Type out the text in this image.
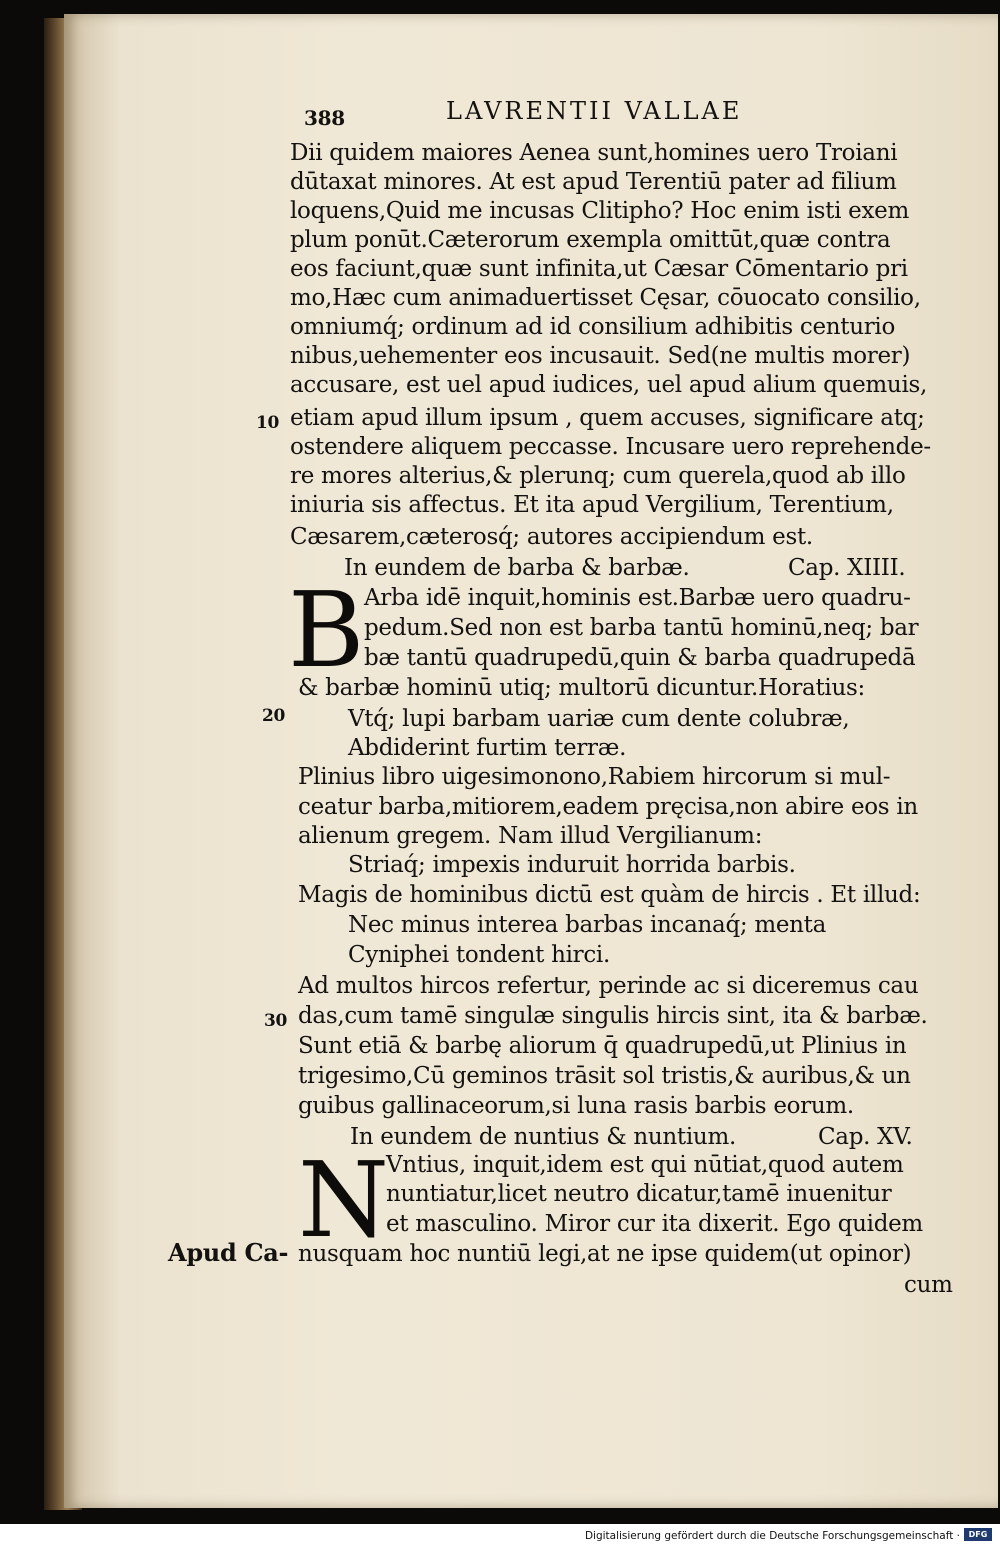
388	LAVRENTII VALLAE
Dii quidem maiores Aenea sunt,homines uero Troiani
dūtaxat minores. At est apud Terentiū pater ad filium
loquens,Quid me incusas Clitipho? Hoc enim isti exem
plum ponūt.Cæterorum exempla omittūt,quæ contra
eos faciunt,quæ sunt infinita,ut Cæsar Cōmentario pri
mo,Hæc cum animaduertisset Cęsar, cōuocato consilio,
omniumq́; ordinum ad id consilium adhibitis centurio
nibus,uehementer eos incusauit. Sed(ne multis morer)
accusare, est uel apud iudices, uel apud alium quemuis,
etiam apud illum ipsum , quem accuses, significare atq;
ostendere aliquem peccasse. Incusare uero reprehende-
re mores alterius,& plerunq; cum querela,quod ab illo
iniuria sis affectus. Et ita apud Vergilium, Terentium,
Cæsarem,cæterosq́; autores accipiendum est.
In eundem de barba & barbæ.	Cap. XIIII.
B Arba idē inquit,hominis est.Barbæ uero quadru-
pedum.Sed non est barba tantū hominū,neq; bar
bæ tantū quadrupedū,quin & barba quadrupedā
& barbæ hominū utiq; multorū dicuntur.Horatius:
Vtq́; lupi barbam uariæ cum dente colubræ,
Abdiderint furtim terræ.
Plinius libro uigesimonono,Rabiem hircorum si mul-
ceatur barba,mitiorem,eadem pręcisa,non abire eos in
alienum gregem. Nam illud Vergilianum:
Striaq́; impexis induruit horrida barbis.
Magis de hominibus dictū est quàm de hircis . Et illud:
Nec minus interea barbas incanaq́; menta
Cyniphei tondent hirci.
Ad multos hircos refertur, perinde ac si diceremus cau
das,cum tamē singulæ singulis hircis sint, ita & barbæ.
Sunt etiā & barbę aliorum q̄ quadrupedū,ut Plinius in
trigesimo,Cū geminos trāsit sol tristis,& auribus,& un
guibus gallinaceorum,si luna rasis barbis eorum.
In eundem de nuntius & nuntium.	Cap. XV.
N
Vntius, inquit,idem est qui nūtiat,quod autem
nuntiatur,licet neutro dicatur,tamē inuenitur
et masculino. Miror cur ita dixerit. Ego quidem
nusquam hoc nuntiū legi,at ne ipse quidem(ut opinor)
cum
10
20
30
Apud Ca-
Digitalisierung gefördert durch die Deutsche Forschungsgemeinschaft ·	DFG
